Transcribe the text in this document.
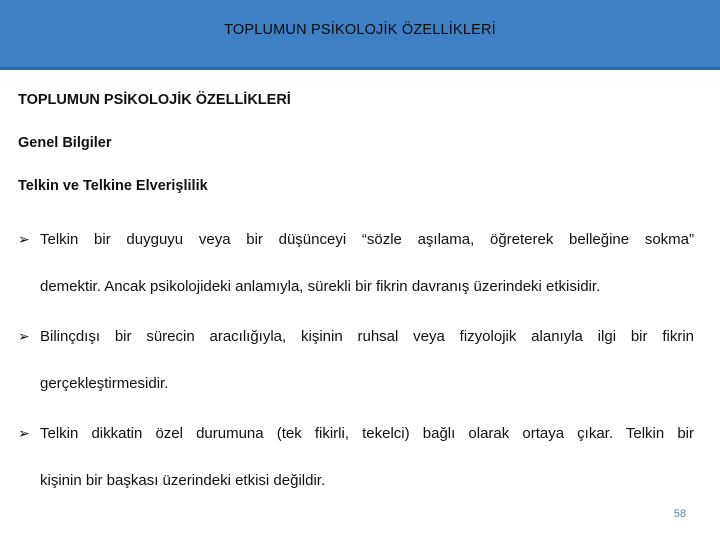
TOPLUMUN PSİKOLOJİK ÖZELLİKLERİ
TOPLUMUN PSİKOLOJİK ÖZELLİKLERİ
Genel Bilgiler
Telkin ve Telkine Elverişlilik
➢ Telkin bir duyguyu veya bir düşünceyi “sözle aşılama, öğreterek belleğine sokma”
demektir. Ancak psikolojideki anlamıyla, sürekli bir fikrin davranış üzerindeki etkisidir.
➢ Bilinçdışı bir sürecin aracılığıyla, kişinin ruhsal veya fizyolojik alanıyla ilgi bir fikrin
gerçekleştirmesidir.
➢ Telkin dikkatin özel durumuna (tek fikirli, tekelci) bağlı olarak ortaya çıkar. Telkin bir
kişinin bir başkası üzerindeki etkisi değildir.
58
